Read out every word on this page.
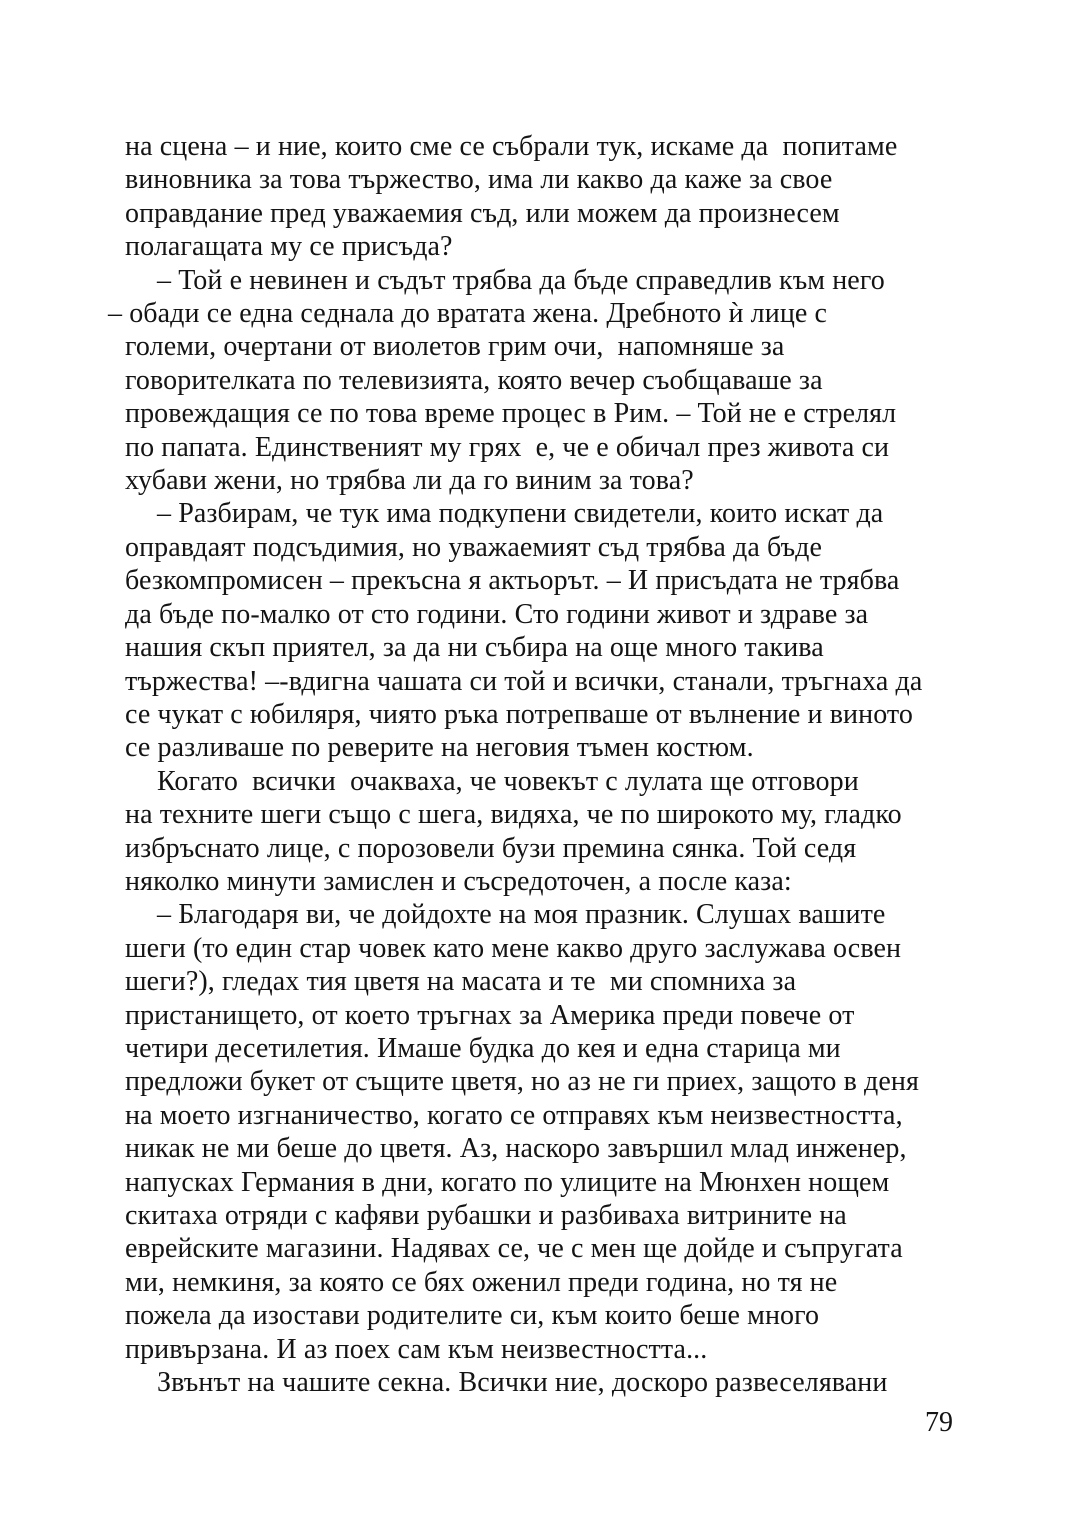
на сцена – и ние, които сме се събрали тук, искаме да  попитаме
виновника за това тържество, има ли какво да каже за свое
оправдание пред уважаемия съд, или можем да произнесем
полагащата му се присъда?
– Той е невинен и съдът трябва да бъде справедлив към него
– обади се една седнала до вратата жена. Дребното ѝ лице с
големи, очертани от виолетов грим очи,  напомняше за
говорителката по телевизията, която вечер съобщаваше за
провеждащия се по това време процес в Рим. – Той не е стрелял
по папата. Единственият му грях  е, че е обичал през живота си
хубави жени, но трябва ли да го виним за това?
– Разбирам, че тук има подкупени свидетели, които искат да
оправдаят подсъдимия, но уважаемият съд трябва да бъде
безкомпромисен – прекъсна я актьорът. – И присъдата не трябва
да бъде по-малко от сто години. Сто години живот и здраве за
нашия скъп приятел, за да ни събира на още много такива
тържества! –-вдигна чашата си той и всички, станали, тръгнаха да
се чукат с юбиляря, чиято ръка потрепваше от вълнение и виното
се разливаше по реверите на неговия тъмен костюм.
Когато  всички  очакваха, че човекът с лулата ще отговори
на техните шеги също с шега, видяха, че по широкото му, гладко
избръснато лице, с порозовели бузи премина сянка. Той седя
няколко минути замислен и съсредоточен, а после каза:
– Благодаря ви, че дойдохте на моя празник. Слушах вашите
шеги (то един стар човек като мене какво друго заслужава освен
шеги?), гледах тия цветя на масата и те  ми спомниха за
пристанището, от което тръгнах за Америка преди повече от
четири десетилетия. Имаше будка до кея и една старица ми
предложи букет от същите цветя, но аз не ги приех, защото в деня
на моето изгнаничество, когато се отправях към неизвестността,
никак не ми беше до цветя. Аз, наскоро завършил млад инженер,
напусках Германия в дни, когато по улиците на Мюнхен нощем
скитаха отряди с кафяви рубашки и разбиваха витрините на
еврейските магазини. Надявах се, че с мен ще дойде и съпругата
ми, немкиня, за която се бях оженил преди година, но тя не
пожела да изостави родителите си, към които беше много
привързана. И аз поех сам към неизвестността...
Звънът на чашите секна. Всички ние, доскоро развеселявани
79
